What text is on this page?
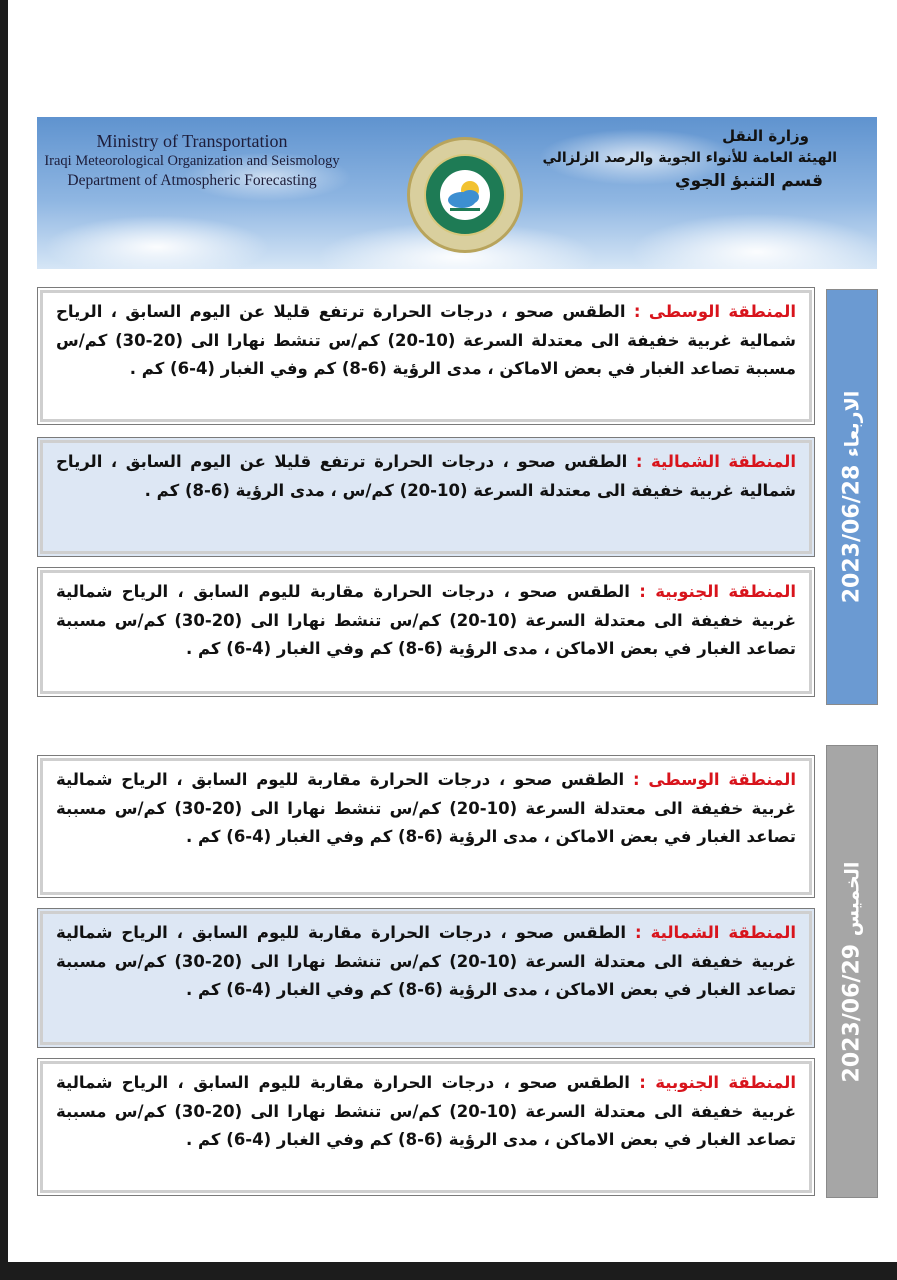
Ministry of Transportation
Iraqi Meteorological Organization and Seismology
Department of Atmospheric Forecasting
وزارة النقل
الهيئة العامة للأنواء الجوية والرصد الزلزالي
قسم التنبؤ الجوي
المنطقة الوسطى : الطقس صحو ، درجات الحرارة ترتفع قليلا عن اليوم السابق ، الرياح شمالية غربية خفيفة الى معتدلة السرعة (10-20) كم/س تنشط نهارا الى (20-30) كم/س مسببة تصاعد الغبار في بعض الاماكن ، مدى الرؤية (6-8) كم وفي الغبار (4-6) كم .
المنطقة الشمالية : الطقس صحو ، درجات الحرارة ترتفع قليلا عن اليوم السابق ، الرياح شمالية غربية خفيفة الى معتدلة السرعة (10-20) كم/س ، مدى الرؤية (6-8) كم .
المنطقة الجنوبية : الطقس صحو ، درجات الحرارة مقاربة لليوم السابق ، الرياح شمالية غربية خفيفة الى معتدلة السرعة (10-20) كم/س تنشط نهارا الى (20-30) كم/س مسببة تصاعد الغبار في بعض الاماكن ، مدى الرؤية (6-8) كم وفي الغبار (4-6) كم .
الاربعاء 2023/06/28
المنطقة الوسطى : الطقس صحو ، درجات الحرارة مقاربة لليوم السابق ، الرياح شمالية غربية خفيفة الى معتدلة السرعة (10-20) كم/س تنشط نهارا الى (20-30) كم/س مسببة تصاعد الغبار في بعض الاماكن ، مدى الرؤية (6-8) كم وفي الغبار (4-6) كم .
المنطقة الشمالية : الطقس صحو ، درجات الحرارة مقاربة لليوم السابق ، الرياح شمالية غربية خفيفة الى معتدلة السرعة (10-20) كم/س تنشط نهارا الى (20-30) كم/س مسببة تصاعد الغبار في بعض الاماكن ، مدى الرؤية (6-8) كم وفي الغبار (4-6) كم .
المنطقة الجنوبية : الطقس صحو ، درجات الحرارة مقاربة لليوم السابق ، الرياح شمالية غربية خفيفة الى معتدلة السرعة (10-20) كم/س تنشط نهارا الى (20-30) كم/س مسببة تصاعد الغبار في بعض الاماكن ، مدى الرؤية (6-8) كم وفي الغبار (4-6) كم .
الخميس 2023/06/29
